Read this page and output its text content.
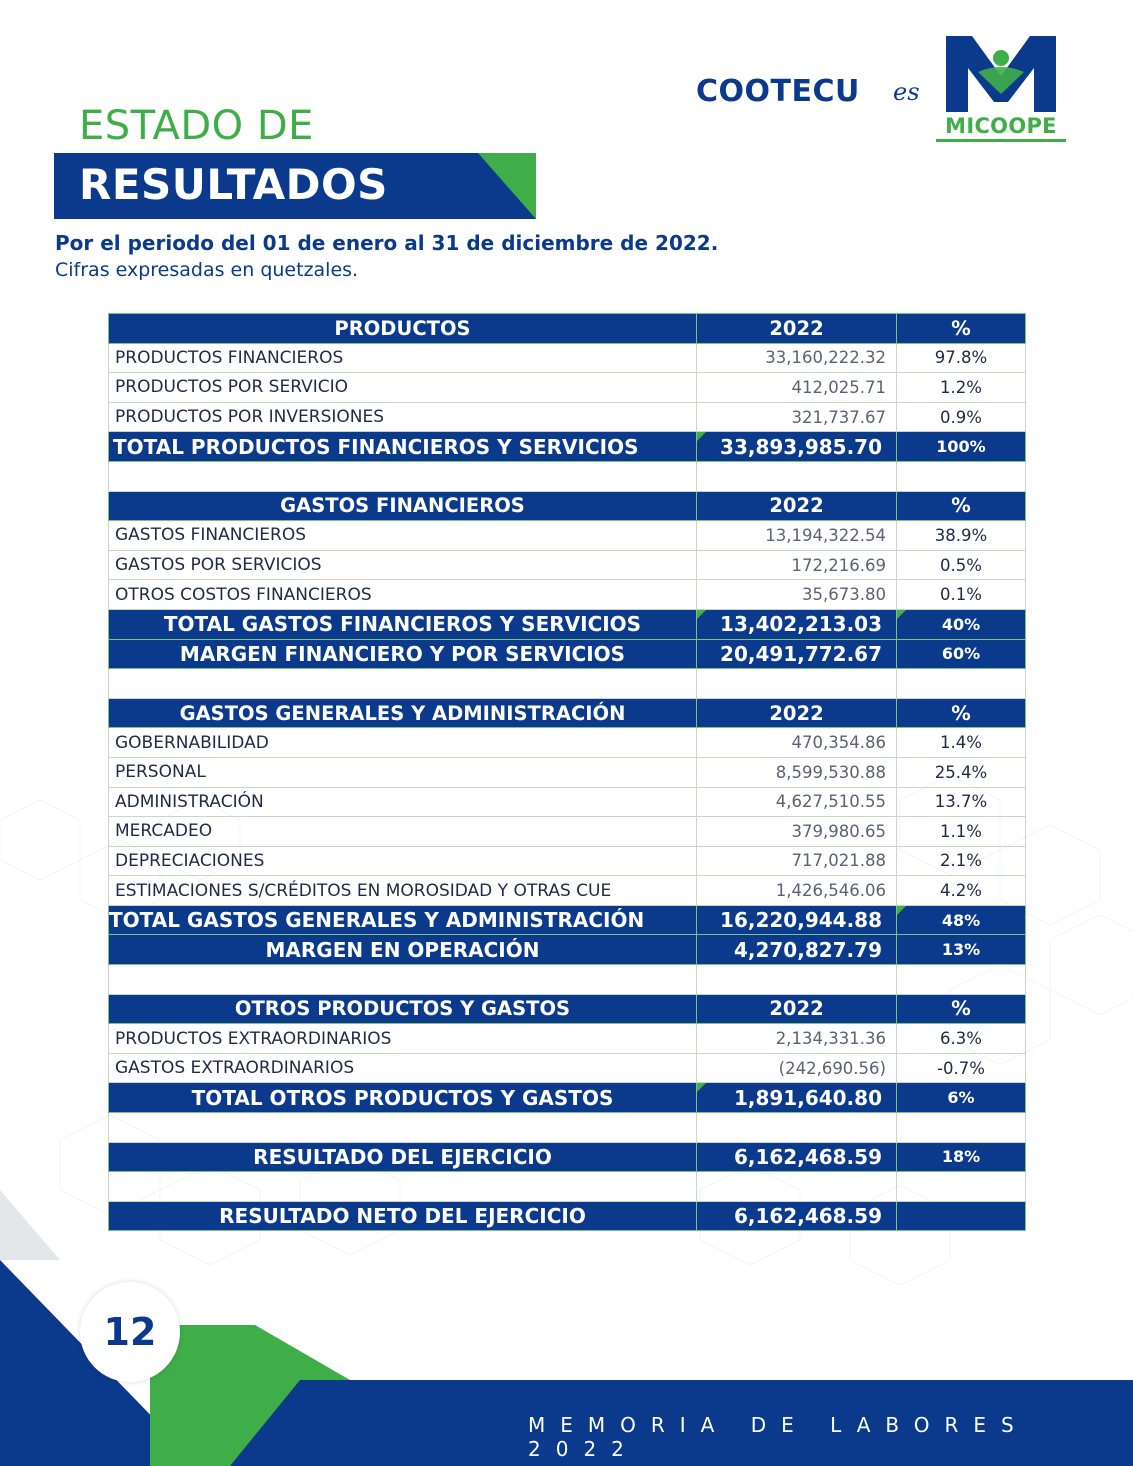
COOTECU es
MICOOPE
ESTADO DE
RESULTADOS
Por el periodo del 01 de enero al 31 de diciembre de 2022.
Cifras expresadas en quetzales.
PRODUCTOS	2022	%
PRODUCTOS FINANCIEROS	33,160,222.32	97.8%
PRODUCTOS POR SERVICIO	412,025.71	1.2%
PRODUCTOS POR INVERSIONES	321,737.67	0.9%
TOTAL PRODUCTOS FINANCIEROS Y SERVICIOS	33,893,985.70	100%

GASTOS FINANCIEROS	2022	%
GASTOS FINANCIEROS	13,194,322.54	38.9%
GASTOS POR SERVICIOS	172,216.69	0.5%
OTROS COSTOS FINANCIEROS	35,673.80	0.1%
TOTAL GASTOS FINANCIEROS Y SERVICIOS	13,402,213.03	40%
MARGEN FINANCIERO Y POR SERVICIOS	20,491,772.67	60%

GASTOS GENERALES Y ADMINISTRACIÓN	2022	%
GOBERNABILIDAD	470,354.86	1.4%
PERSONAL	8,599,530.88	25.4%
ADMINISTRACIÓN	4,627,510.55	13.7%
MERCADEO	379,980.65	1.1%
DEPRECIACIONES	717,021.88	2.1%
ESTIMACIONES S/CRÉDITOS EN MOROSIDAD Y OTRAS CUE	1,426,546.06	4.2%
TOTAL GASTOS GENERALES Y ADMINISTRACIÓN	16,220,944.88	48%
MARGEN EN OPERACIÓN	4,270,827.79	13%

OTROS PRODUCTOS Y GASTOS	2022	%
PRODUCTOS EXTRAORDINARIOS	2,134,331.36	6.3%
GASTOS EXTRAORDINARIOS	(242,690.56)	-0.7%
TOTAL OTROS PRODUCTOS Y GASTOS	1,891,640.80	6%

RESULTADO DEL EJERCICIO	6,162,468.59	18%

RESULTADO NETO DEL EJERCICIO	6,162,468.59	
12
MEMORIA DE LABORES 2022
